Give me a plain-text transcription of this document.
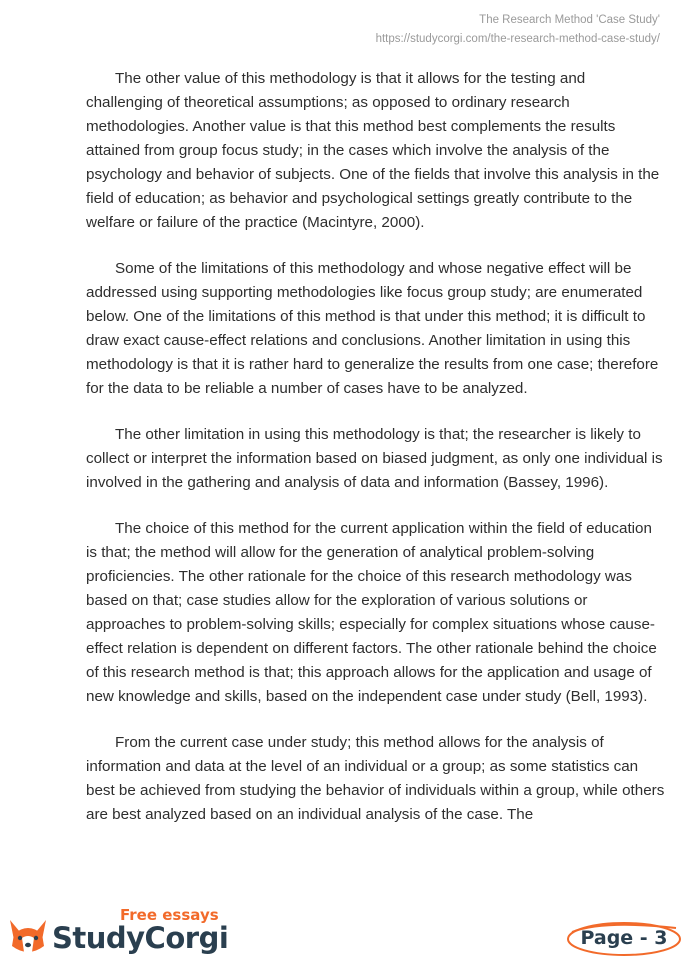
The Research Method 'Case Study'
https://studycorgi.com/the-research-method-case-study/

The other value of this methodology is that it allows for the testing and challenging of theoretical assumptions; as opposed to ordinary research methodologies. Another value is that this method best complements the results attained from group focus study; in the cases which involve the analysis of the psychology and behavior of subjects. One of the fields that involve this analysis in the field of education; as behavior and psychological settings greatly contribute to the welfare or failure of the practice (Macintyre, 2000).

Some of the limitations of this methodology and whose negative effect will be addressed using supporting methodologies like focus group study; are enumerated below. One of the limitations of this method is that under this method; it is difficult to draw exact cause-effect relations and conclusions. Another limitation in using this methodology is that it is rather hard to generalize the results from one case; therefore for the data to be reliable a number of cases have to be analyzed.

The other limitation in using this methodology is that; the researcher is likely to collect or interpret the information based on biased judgment, as only one individual is involved in the gathering and analysis of data and information (Bassey, 1996).

The choice of this method for the current application within the field of education is that; the method will allow for the generation of analytical problem-solving proficiencies. The other rationale for the choice of this research methodology was based on that; case studies allow for the exploration of various solutions or approaches to problem-solving skills; especially for complex situations whose cause-effect relation is dependent on different factors. The other rationale behind the choice of this research method is that; this approach allows for the application and usage of new knowledge and skills, based on the independent case under study (Bell, 1993).

From the current case under study; this method allows for the analysis of information and data at the level of an individual or a group; as some statistics can best be achieved from studying the behavior of individuals within a group, while others are best analyzed based on an individual analysis of the case. The

Free essays
StudyCorgi	Page - 3
